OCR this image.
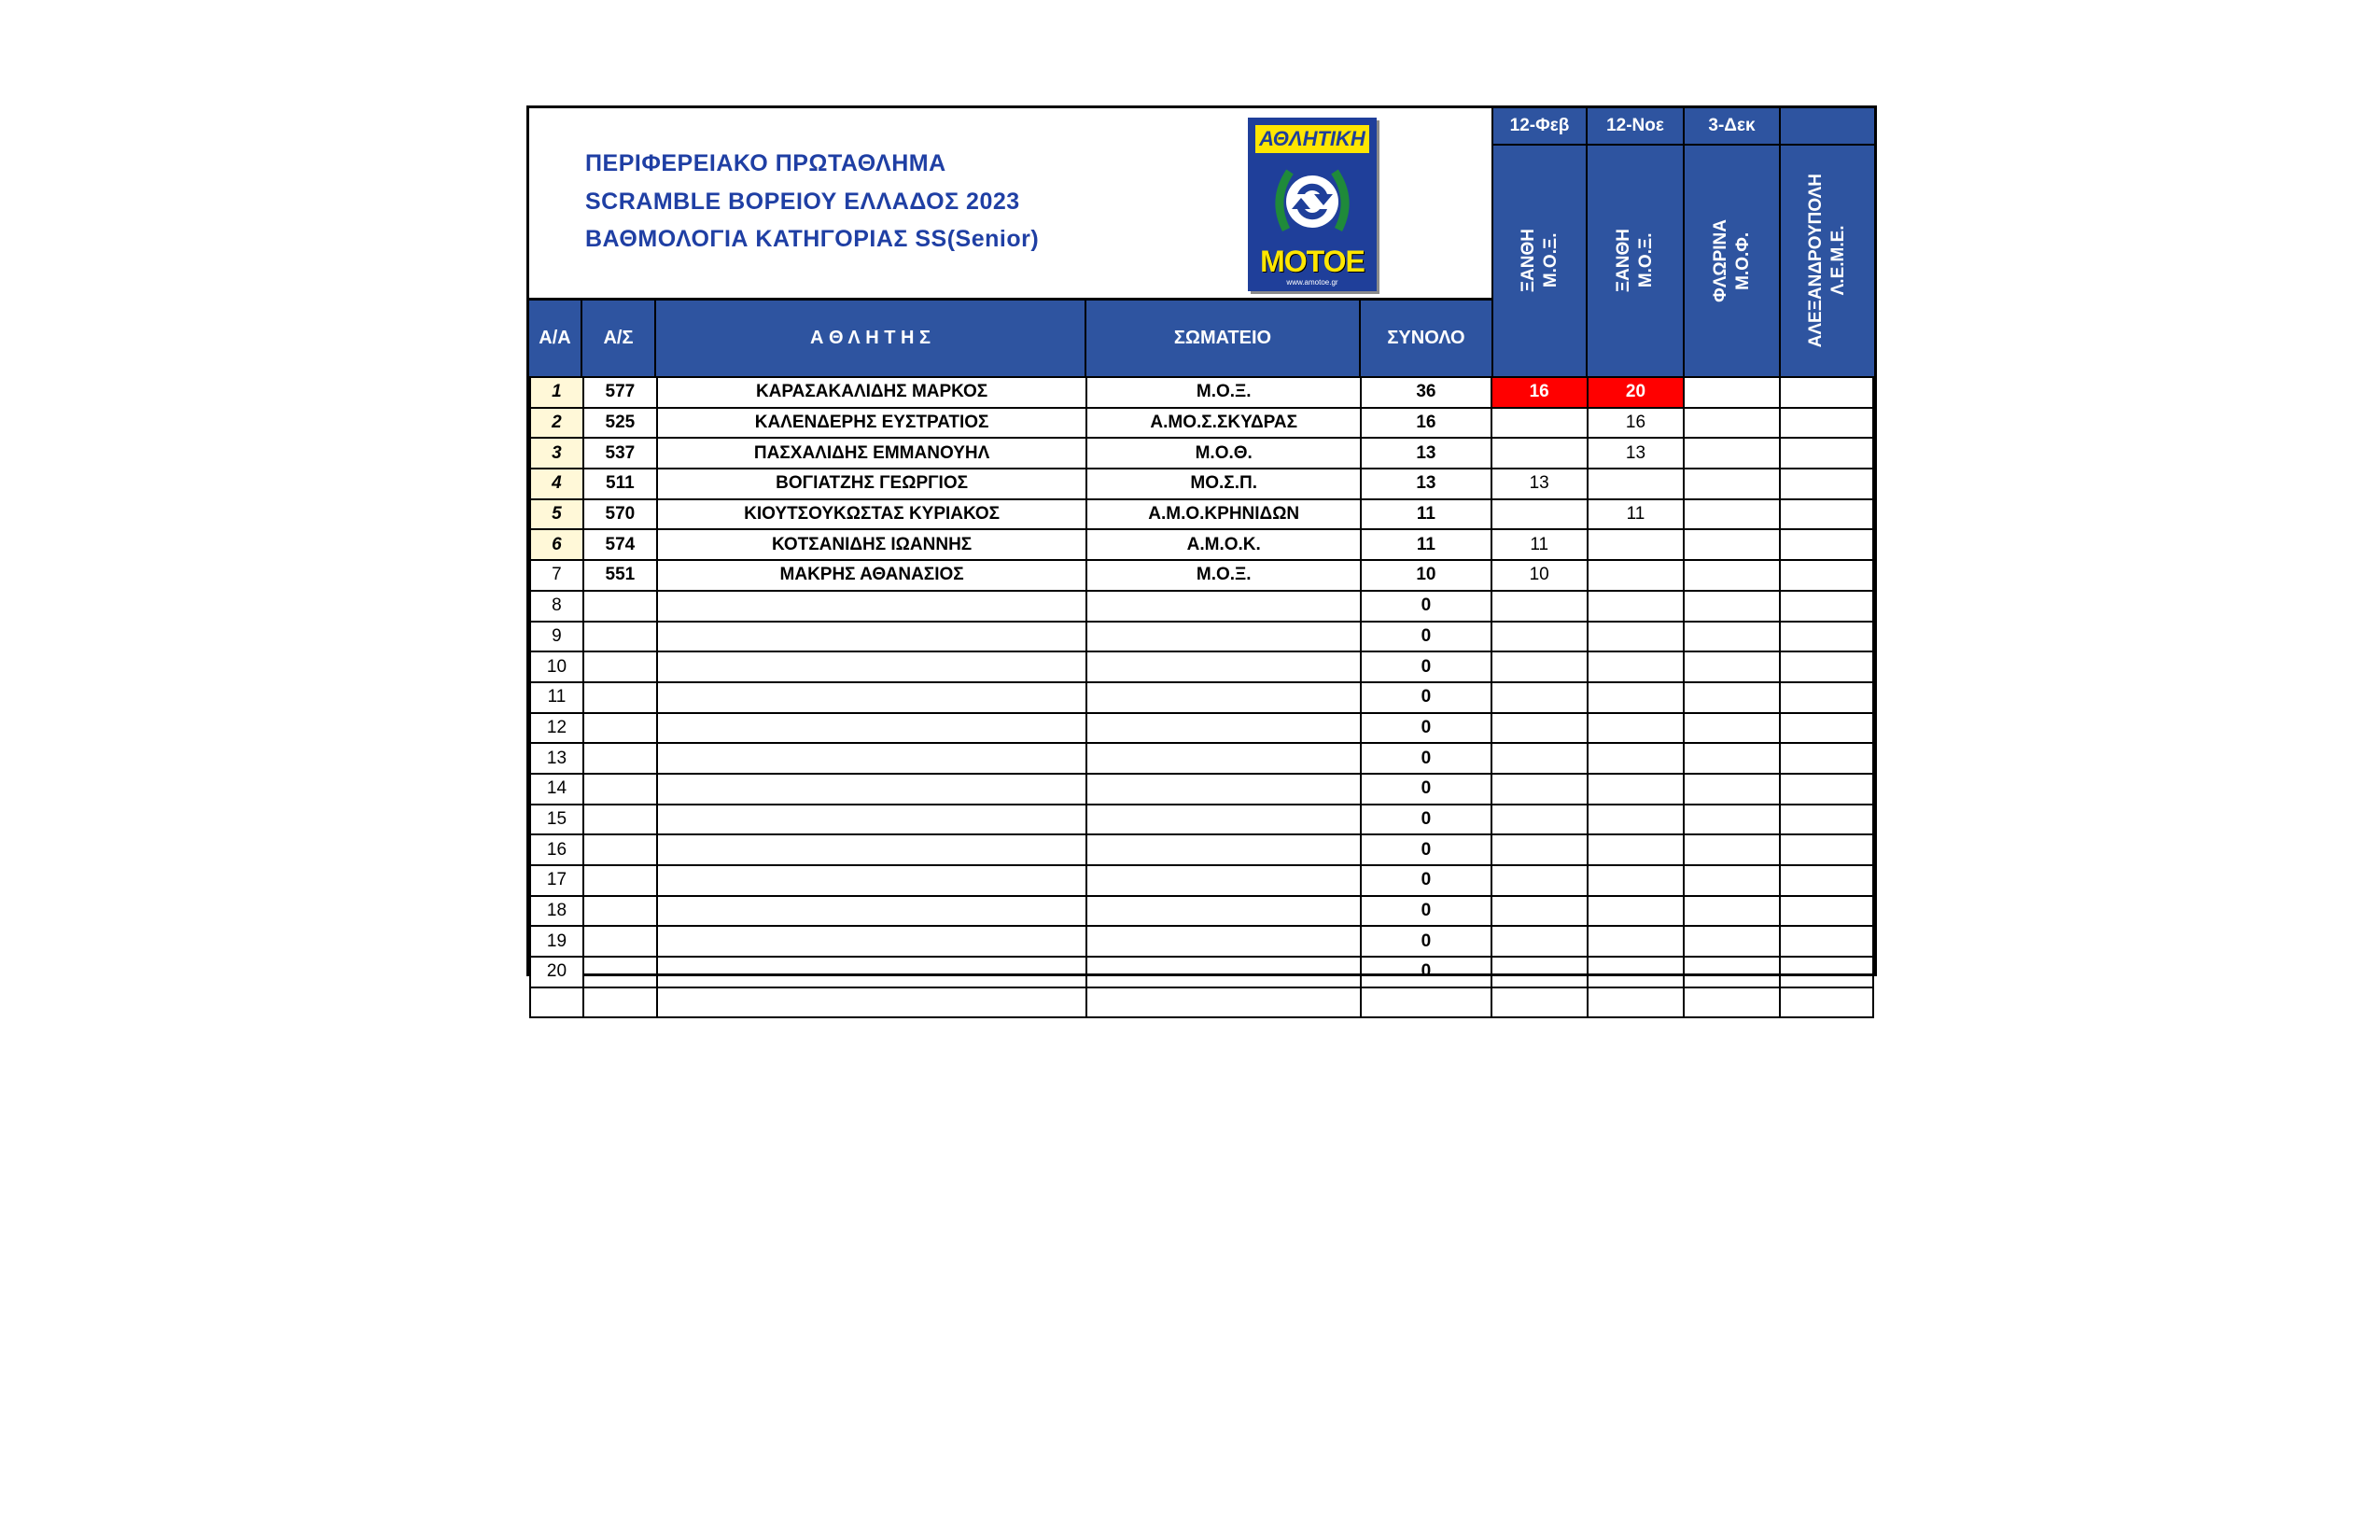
ΠΕΡΙΦΕΡΕΙΑΚΟ ΠΡΩΤΑΘΛΗΜΑ
SCRAMBLE ΒΟΡΕΙΟΥ ΕΛΛΑΔΟΣ 2023
ΒΑΘΜΟΛΟΓΙΑ ΚΑΤΗΓΟΡΙΑΣ SS(Senior)
ΑΘΛΗΤΙΚΗ
ΜΟΤΟΕ
www.amotoe.gr
12-Φεβ	12-Νοε	3-Δεκ
ΞΑΝΘΗ Μ.Ο.Ξ.	ΞΑΝΘΗ Μ.Ο.Ξ.	ΦΛΩΡΙΝΑ Μ.Ο.Φ.	ΑΛΕΞΑΝΔΡΟΥΠΟΛΗ Λ.Ε.Μ.Ε.
Α/Α	Α/Σ	Α Θ Λ Η Τ Η Σ	ΣΩΜΑΤΕΙΟ	ΣΥΝΟΛΟ
1	577	ΚΑΡΑΣΑΚΑΛΙΔΗΣ ΜΑΡΚΟΣ	Μ.Ο.Ξ.	36	16	20		
2	525	ΚΑΛΕΝΔΕΡΗΣ ΕΥΣΤΡΑΤΙΟΣ	Α.ΜΟ.Σ.ΣΚΥΔΡΑΣ	16		16		
3	537	ΠΑΣΧΑΛΙΔΗΣ ΕΜΜΑΝΟΥΗΛ	Μ.Ο.Θ.	13		13		
4	511	ΒΟΓΙΑΤΖΗΣ ΓΕΩΡΓΙΟΣ	ΜΟ.Σ.Π.	13	13			
5	570	ΚΙΟΥΤΣΟΥΚΩΣΤΑΣ ΚΥΡΙΑΚΟΣ	Α.Μ.Ο.ΚΡΗΝΙΔΩΝ	11		11		
6	574	ΚΟΤΣΑΝΙΔΗΣ ΙΩΑΝΝΗΣ	Α.Μ.Ο.Κ.	11	11			
7	551	ΜΑΚΡΗΣ ΑΘΑΝΑΣΙΟΣ	Μ.Ο.Ξ.	10	10			
8				0				
9				0				
10				0				
11				0				
12				0				
13				0				
14				0				
15				0				
16				0				
17				0				
18				0				
19				0				
20				0				
